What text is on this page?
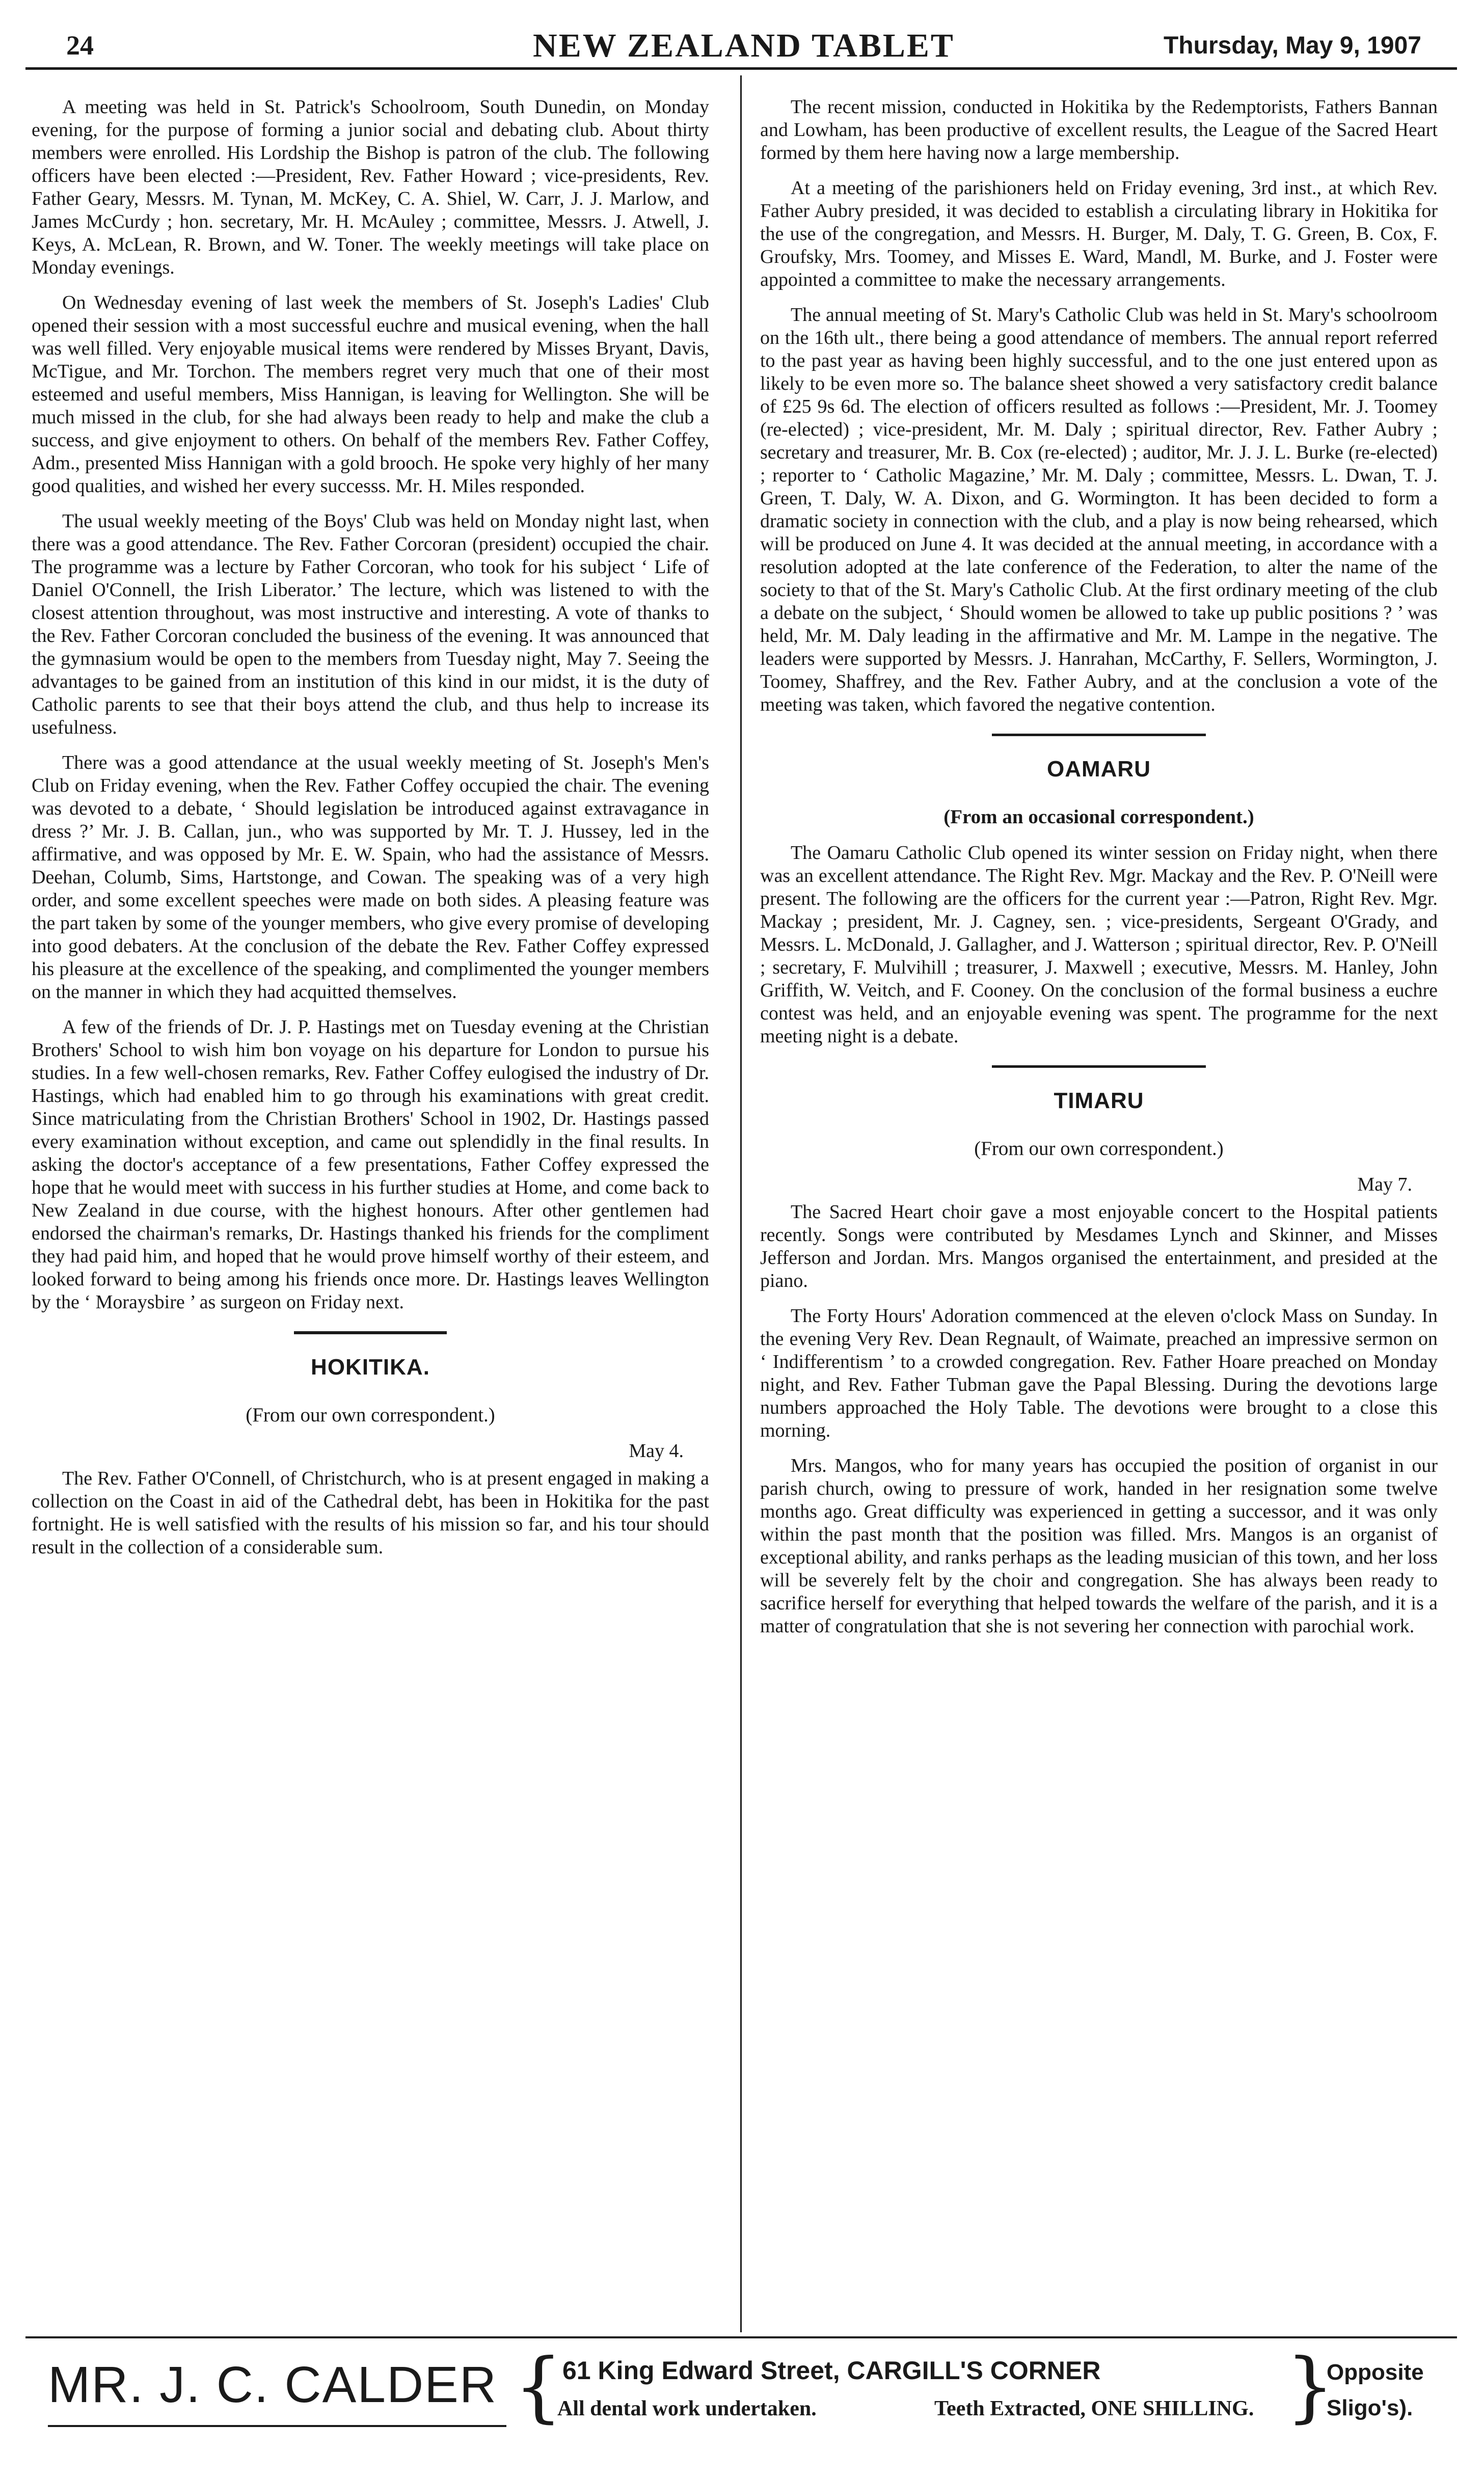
24	NEW ZEALAND TABLET	Thursday, May 9, 1907

A meeting was held in St. Patrick's Schoolroom, South Dunedin, on Monday evening, for the purpose of forming a junior social and debating club. About thirty members were enrolled. His Lordship the Bishop is patron of the club. The following officers have been elected :—President, Rev. Father Howard ; vice-presidents, Rev. Father Geary, Messrs. M. Tynan, M. McKey, C. A. Shiel, W. Carr, J. J. Marlow, and James McCurdy ; hon. secretary, Mr. H. McAuley ; committee, Messrs. J. Atwell, J. Keys, A. McLean, R. Brown, and W. Toner. The weekly meetings will take place on Monday evenings.

On Wednesday evening of last week the members of St. Joseph's Ladies' Club opened their session with a most successful euchre and musical evening, when the hall was well filled. Very enjoyable musical items were rendered by Misses Bryant, Davis, McTigue, and Mr. Torchon. The members regret very much that one of their most esteemed and useful members, Miss Hannigan, is leaving for Wellington. She will be much missed in the club, for she had always been ready to help and make the club a success, and give enjoyment to others. On behalf of the members Rev. Father Coffey, Adm., presented Miss Hannigan with a gold brooch. He spoke very highly of her many good qualities, and wished her every successs. Mr. H. Miles responded.

The usual weekly meeting of the Boys' Club was held on Monday night last, when there was a good attendance. The Rev. Father Corcoran (president) occupied the chair. The programme was a lecture by Father Corcoran, who took for his subject ‘ Life of Daniel O'Connell, the Irish Liberator.’ The lecture, which was listened to with the closest attention throughout, was most instructive and interesting. A vote of thanks to the Rev. Father Corcoran concluded the business of the evening. It was announced that the gymnasium would be open to the members from Tuesday night, May 7. Seeing the advantages to be gained from an institution of this kind in our midst, it is the duty of Catholic parents to see that their boys attend the club, and thus help to increase its usefulness.

There was a good attendance at the usual weekly meeting of St. Joseph's Men's Club on Friday evening, when the Rev. Father Coffey occupied the chair. The evening was devoted to a debate, ‘ Should legislation be introduced against extravagance in dress ?’ Mr. J. B. Callan, jun., who was supported by Mr. T. J. Hussey, led in the affirmative, and was opposed by Mr. E. W. Spain, who had the assistance of Messrs. Deehan, Columb, Sims, Hartstonge, and Cowan. The speaking was of a very high order, and some excellent speeches were made on both sides. A pleasing feature was the part taken by some of the younger members, who give every promise of developing into good debaters. At the conclusion of the debate the Rev. Father Coffey expressed his pleasure at the excellence of the speaking, and complimented the younger members on the manner in which they had acquitted themselves.

A few of the friends of Dr. J. P. Hastings met on Tuesday evening at the Christian Brothers' School to wish him bon voyage on his departure for London to pursue his studies. In a few well-chosen remarks, Rev. Father Coffey eulogised the industry of Dr. Hastings, which had enabled him to go through his examinations with great credit. Since matriculating from the Christian Brothers' School in 1902, Dr. Hastings passed every examination without exception, and came out splendidly in the final results. In asking the doctor's acceptance of a few presentations, Father Coffey expressed the hope that he would meet with success in his further studies at Home, and come back to New Zealand in due course, with the highest honours. After other gentlemen had endorsed the chairman's remarks, Dr. Hastings thanked his friends for the compliment they had paid him, and hoped that he would prove himself worthy of their esteem, and looked forward to being among his friends once more. Dr. Hastings leaves Wellington by the ‘ Moraysbire ’ as surgeon on Friday next.

HOKITIKA.
(From our own correspondent.)
May 4.

The Rev. Father O'Connell, of Christchurch, who is at present engaged in making a collection on the Coast in aid of the Cathedral debt, has been in Hokitika for the past fortnight. He is well satisfied with the results of his mission so far, and his tour should result in the collection of a considerable sum.

The recent mission, conducted in Hokitika by the Redemptorists, Fathers Bannan and Lowham, has been productive of excellent results, the League of the Sacred Heart formed by them here having now a large membership.

At a meeting of the parishioners held on Friday evening, 3rd inst., at which Rev. Father Aubry presided, it was decided to establish a circulating library in Hokitika for the use of the congregation, and Messrs. H. Burger, M. Daly, T. G. Green, B. Cox, F. Groufsky, Mrs. Toomey, and Misses E. Ward, Mandl, M. Burke, and J. Foster were appointed a committee to make the necessary arrangements.

The annual meeting of St. Mary's Catholic Club was held in St. Mary's schoolroom on the 16th ult., there being a good attendance of members. The annual report referred to the past year as having been highly successful, and to the one just entered upon as likely to be even more so. The balance sheet showed a very satisfactory credit balance of £25 9s 6d. The election of officers resulted as follows :—President, Mr. J. Toomey (re-elected) ; vice-president, Mr. M. Daly ; spiritual director, Rev. Father Aubry ; secretary and treasurer, Mr. B. Cox (re-elected) ; auditor, Mr. J. J. L. Burke (re-elected) ; reporter to ‘ Catholic Magazine,’ Mr. M. Daly ; committee, Messrs. L. Dwan, T. J. Green, T. Daly, W. A. Dixon, and G. Wormington. It has been decided to form a dramatic society in connection with the club, and a play is now being rehearsed, which will be produced on June 4. It was decided at the annual meeting, in accordance with a resolution adopted at the late conference of the Federation, to alter the name of the society to that of the St. Mary's Catholic Club. At the first ordinary meeting of the club a debate on the subject, ‘ Should women be allowed to take up public positions ? ’ was held, Mr. M. Daly leading in the affirmative and Mr. M. Lampe in the negative. The leaders were supported by Messrs. J. Hanrahan, McCarthy, F. Sellers, Wormington, J. Toomey, Shaffrey, and the Rev. Father Aubry, and at the conclusion a vote of the meeting was taken, which favored the negative contention.

OAMARU
(From an occasional correspondent.)

The Oamaru Catholic Club opened its winter session on Friday night, when there was an excellent attendance. The Right Rev. Mgr. Mackay and the Rev. P. O'Neill were present. The following are the officers for the current year :—Patron, Right Rev. Mgr. Mackay ; president, Mr. J. Cagney, sen. ; vice-presidents, Sergeant O'Grady, and Messrs. L. McDonald, J. Gallagher, and J. Watterson ; spiritual director, Rev. P. O'Neill ; secretary, F. Mulvihill ; treasurer, J. Maxwell ; executive, Messrs. M. Hanley, John Griffith, W. Veitch, and F. Cooney. On the conclusion of the formal business a euchre contest was held, and an enjoyable evening was spent. The programme for the next meeting night is a debate.

TIMARU
(From our own correspondent.)
May 7.

The Sacred Heart choir gave a most enjoyable concert to the Hospital patients recently. Songs were contributed by Mesdames Lynch and Skinner, and Misses Jefferson and Jordan. Mrs. Mangos organised the entertainment, and presided at the piano.

The Forty Hours' Adoration commenced at the eleven o'clock Mass on Sunday. In the evening Very Rev. Dean Regnault, of Waimate, preached an impressive sermon on ‘ Indifferentism ’ to a crowded congregation. Rev. Father Hoare preached on Monday night, and Rev. Father Tubman gave the Papal Blessing. During the devotions large numbers approached the Holy Table. The devotions were brought to a close this morning.

Mrs. Mangos, who for many years has occupied the position of organist in our parish church, owing to pressure of work, handed in her resignation some twelve months ago. Great difficulty was experienced in getting a successor, and it was only within the past month that the position was filled. Mrs. Mangos is an organist of exceptional ability, and ranks perhaps as the leading musician of this town, and her loss will be severely felt by the choir and congregation. She has always been ready to sacrifice herself for everything that helped towards the welfare of the parish, and it is a matter of congratulation that she is not severing her connection with parochial work.

MR. J. C. CALDER { 61 King Edward Street, CARGILL'S CORNER
All dental work undertaken.	Teeth Extracted, ONE SHILLING. {
Opposite
Sligo's).
